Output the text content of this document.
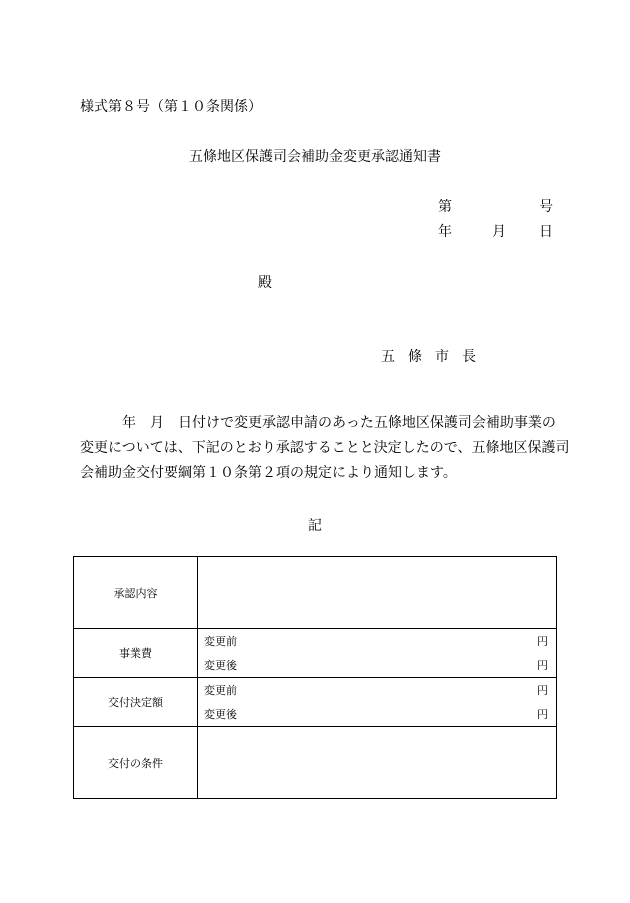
様式第８号（第１０条関係）
五條地区保護司会補助金変更承認通知書
第	号
年	月 日
殿
五 條 市 長
年　月　日付けで変更承認申請のあった五條地区保護司会補助事業の
変更については、下記のとおり承認することと決定したので、五條地区保護司
会補助金交付要綱第１０条第２項の規定により通知します。
記
承認内容	
事業費	変更前 円
変更後 円

交付決定額	変更前 円
変更後 円

交付の条件	
